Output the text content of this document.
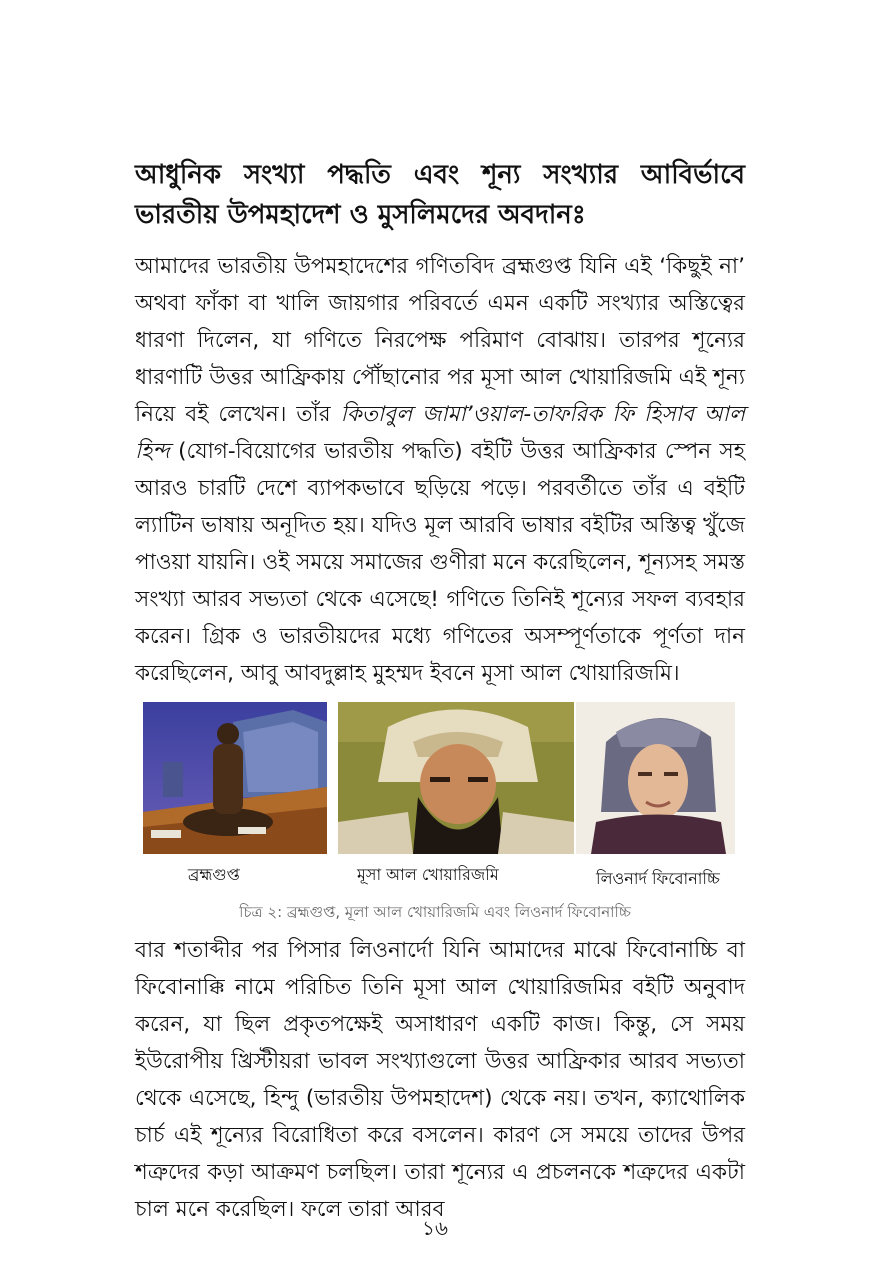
আধুনিক সংখ্যা পদ্ধতি এবং শূন্য সংখ্যার আবির্ভাবে ভারতীয় উপমহাদেশ ও মুসলিমদের অবদানঃ

আমাদের ভারতীয় উপমহাদেশের গণিতবিদ ব্রহ্মগুপ্ত যিনি এই ‘কিছুই না’ অথবা ফাঁকা বা খালি জায়গার পরিবর্তে এমন একটি সংখ্যার অস্তিত্বের ধারণা দিলেন, যা গণিতে নিরপেক্ষ পরিমাণ বোঝায়। তারপর শূন্যের ধারণাটি উত্তর আফ্রিকায় পৌঁছানোর পর মূসা আল খোয়ারিজমি এই শূন্য নিয়ে বই লেখেন। তাঁর কিতাবুল জামা’ওয়াল-তাফরিক ফি হিসাব আল হিন্দ (যোগ-বিয়োগের ভারতীয় পদ্ধতি) বইটি উত্তর আফ্রিকার স্পেন সহ আরও চারটি দেশে ব্যাপকভাবে ছড়িয়ে পড়ে। পরবর্তীতে তাঁর এ বইটি ল্যাটিন ভাষায় অনূদিত হয়। যদিও মূল আরবি ভাষার বইটির অস্তিত্ব খুঁজে পাওয়া যায়নি। ওই সময়ে সমাজের গুণীরা মনে করেছিলেন, শূন্যসহ সমস্ত সংখ্যা আরব সভ্যতা থেকে এসেছে! গণিতে তিনিই শূন্যের সফল ব্যবহার করেন। গ্রিক ও ভারতীয়দের মধ্যে গণিতের অসম্পূর্ণতাকে পূর্ণতা দান করেছিলেন, আবু আবদুল্লাহ মুহম্মদ ইবনে মূসা আল খোয়ারিজমি।

ব্রহ্মগুপ্ত	মূসা আল খোয়ারিজমি	লিওনার্দ ফিবোনাচ্চি
চিত্র ২: ব্রহ্মগুপ্ত, মূলা আল খোয়ারিজমি এবং লিওনার্দ ফিবোনাচ্চি

বার শতাব্দীর পর পিসার লিওনার্দো যিনি আমাদের মাঝে ফিবোনাচ্চি বা ফিবোনাক্কি নামে পরিচিত তিনি মূসা আল খোয়ারিজমির বইটি অনুবাদ করেন, যা ছিল প্রকৃতপক্ষেই অসাধারণ একটি কাজ। কিন্তু, সে সময় ইউরোপীয় খ্রিস্টীয়রা ভাবল সংখ্যাগুলো উত্তর আফ্রিকার আরব সভ্যতা থেকে এসেছে, হিন্দু (ভারতীয় উপমহাদেশ) থেকে নয়। তখন, ক্যাথোলিক চার্চ এই শূন্যের বিরোধিতা করে বসলেন। কারণ সে সময়ে তাদের উপর শত্রুদের কড়া আক্রমণ চলছিল। তারা শূন্যের এ প্রচলনকে শত্রুদের একটা চাল মনে করেছিল। ফলে তারা আরব

১৬
